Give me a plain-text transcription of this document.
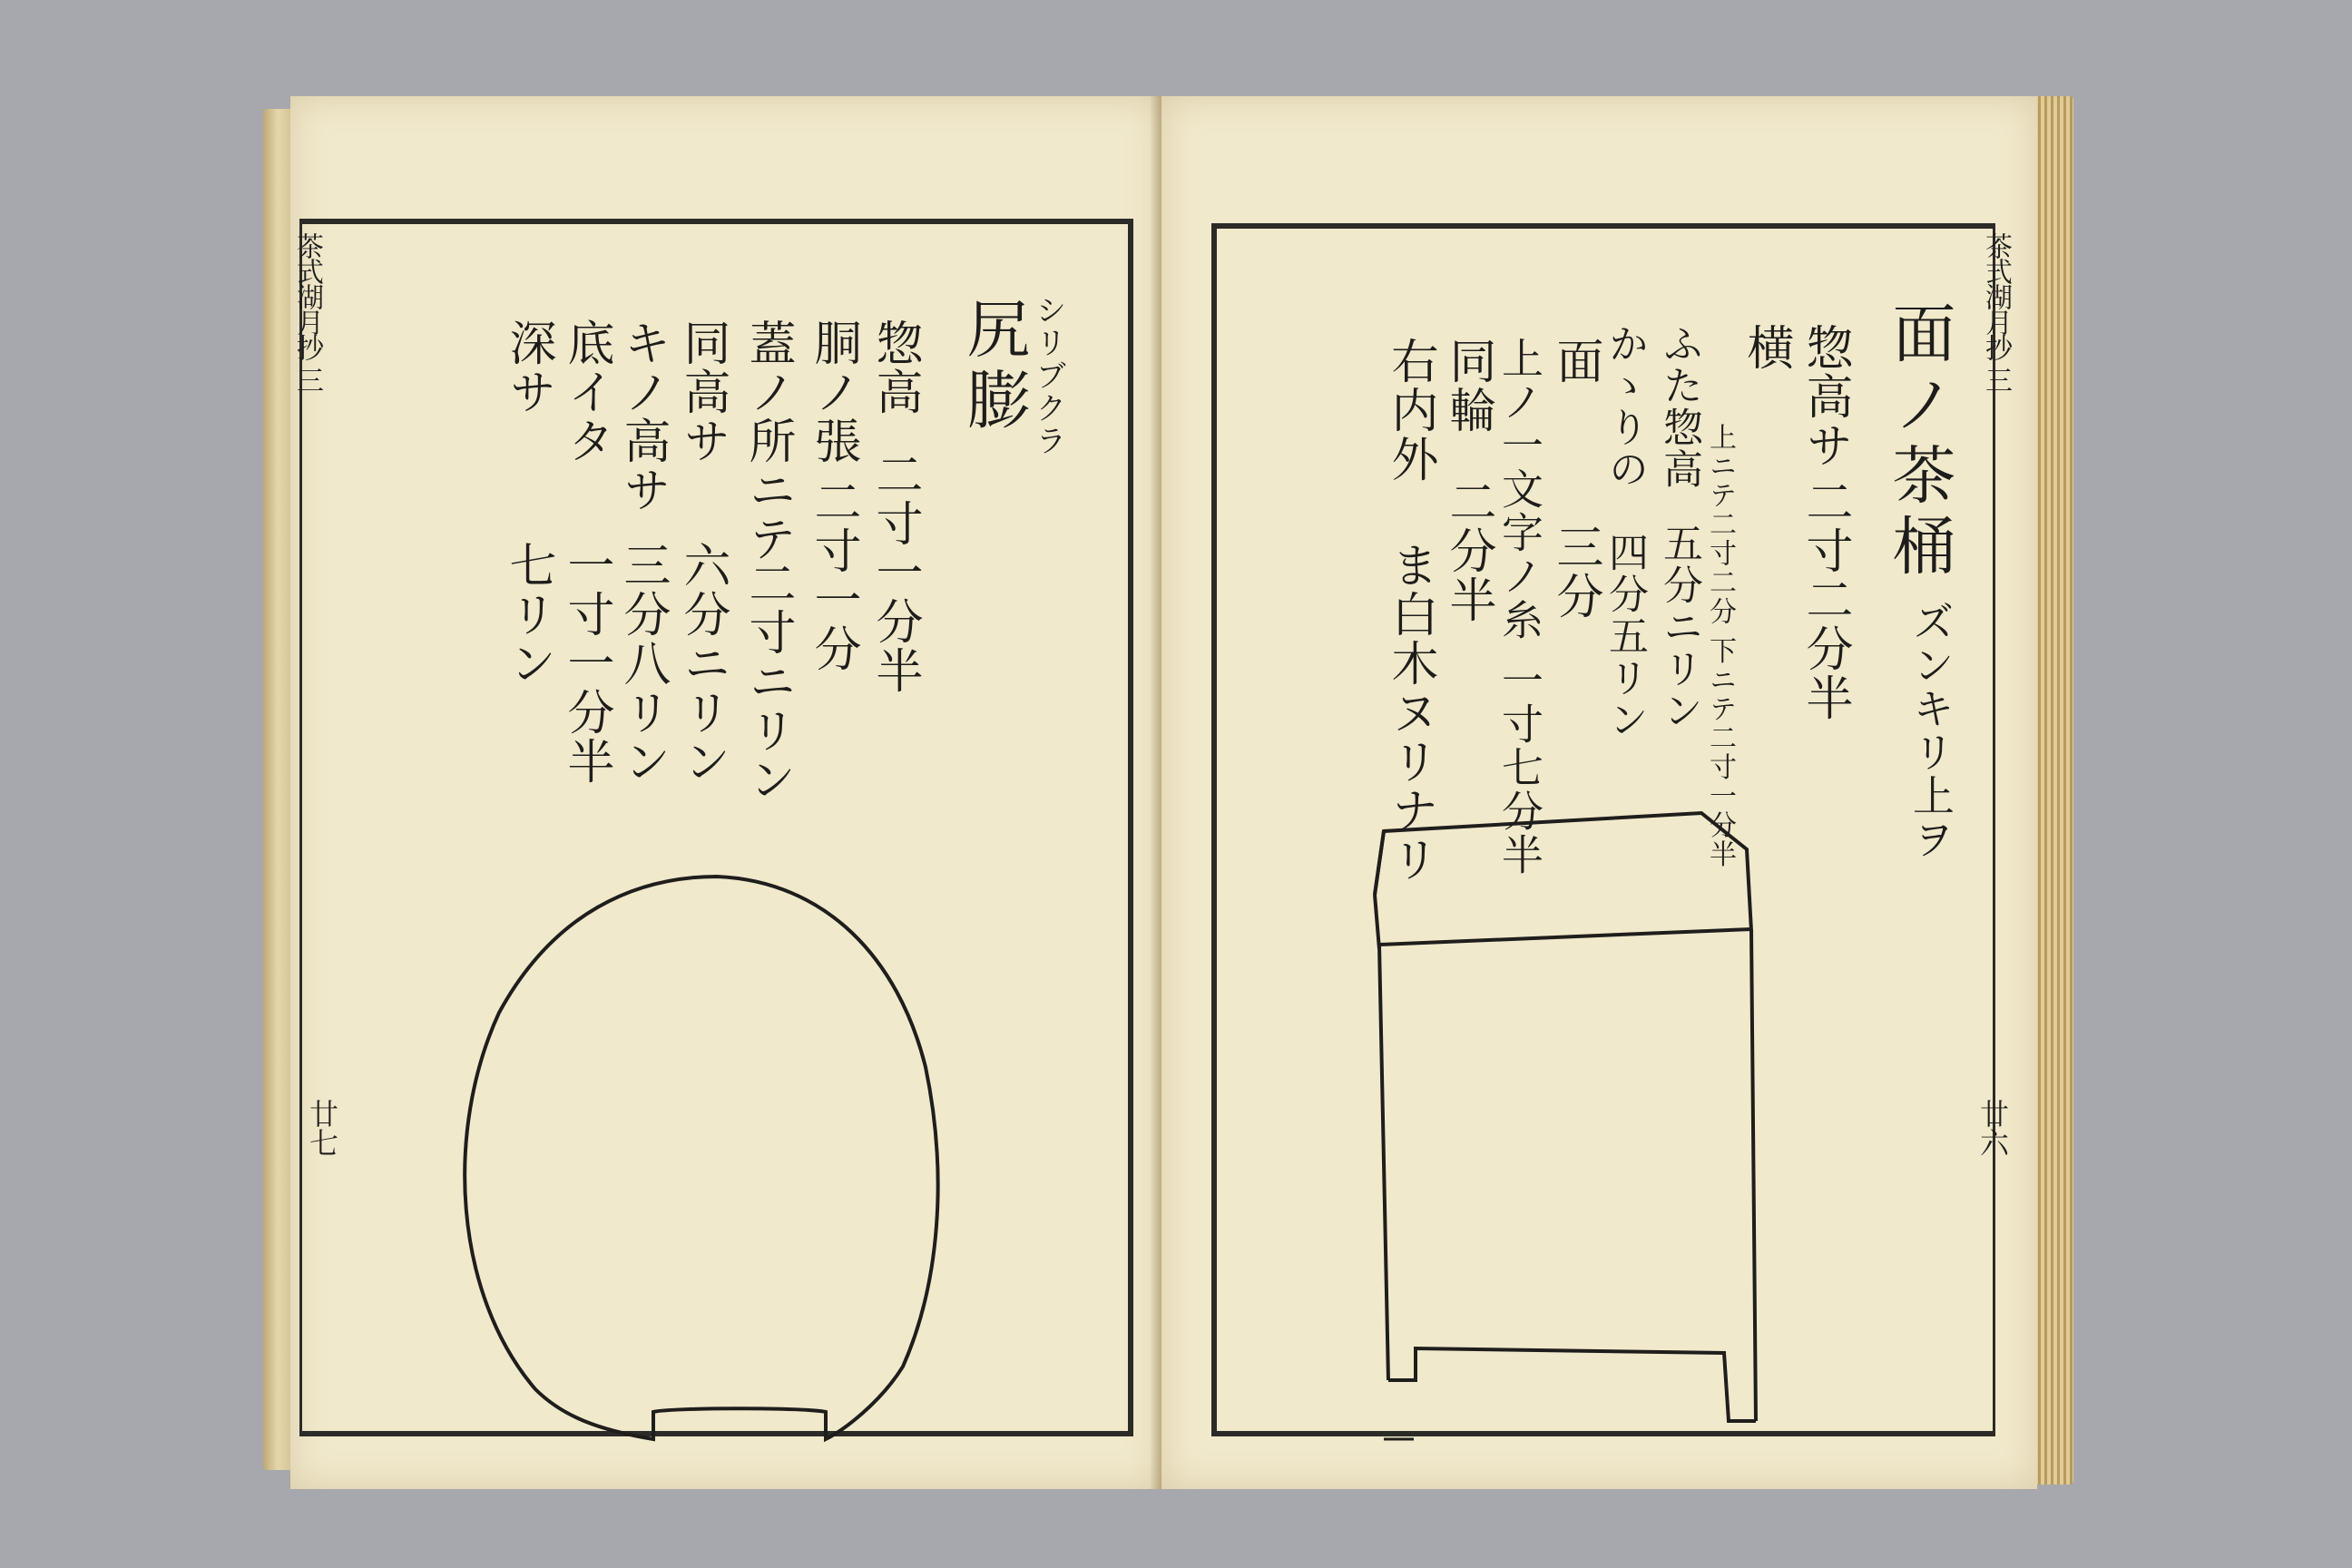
茶式湖月抄 三
廿七
尻膨 シリブクラ
惣高
二寸一分半
胴ノ張
二寸一分
蓋ノ所ニテ
二寸ニリン
同高サ
六分ニリン
キノ高サ
三分八リン
底イタ
一寸一分半
深サ
七リン
茶式湖月抄 三
廿六
面ノ茶桶
ズンキリ上ヲ
惣高サ
二寸二分半
横
上ニテ二寸二分 下ニテ二寸一分半
ふた惣高
五分ニリン
かゝりの
四分五リン
面
三分
上ノ一文字ノ糸
一寸七分半
同輪
二分半
右内外
ま白木ヌリナリ
